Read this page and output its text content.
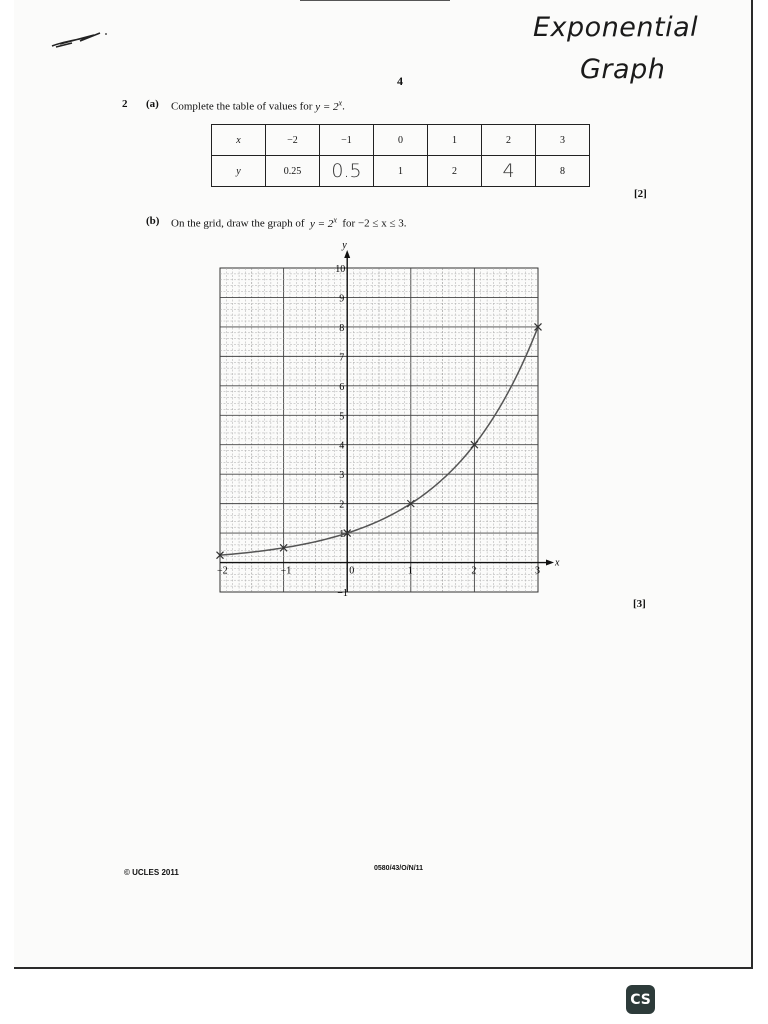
Exponential
Graph
4
2 (a) Complete the table of values for $y = 2^x$.
x	−2	−1	0	1	2	3
y	0.25	0.5	1	2	4	8
[2]
(b) On the grid, draw the graph of $y = 2^x$ for −2 ≤ x ≤ 3.
y
x
−2	−1	0	1	2	3
−1
1
2
3
4
5
6
7
8
9
10
[3]
© UCLES 2011	0580/43/O/N/11
CS
